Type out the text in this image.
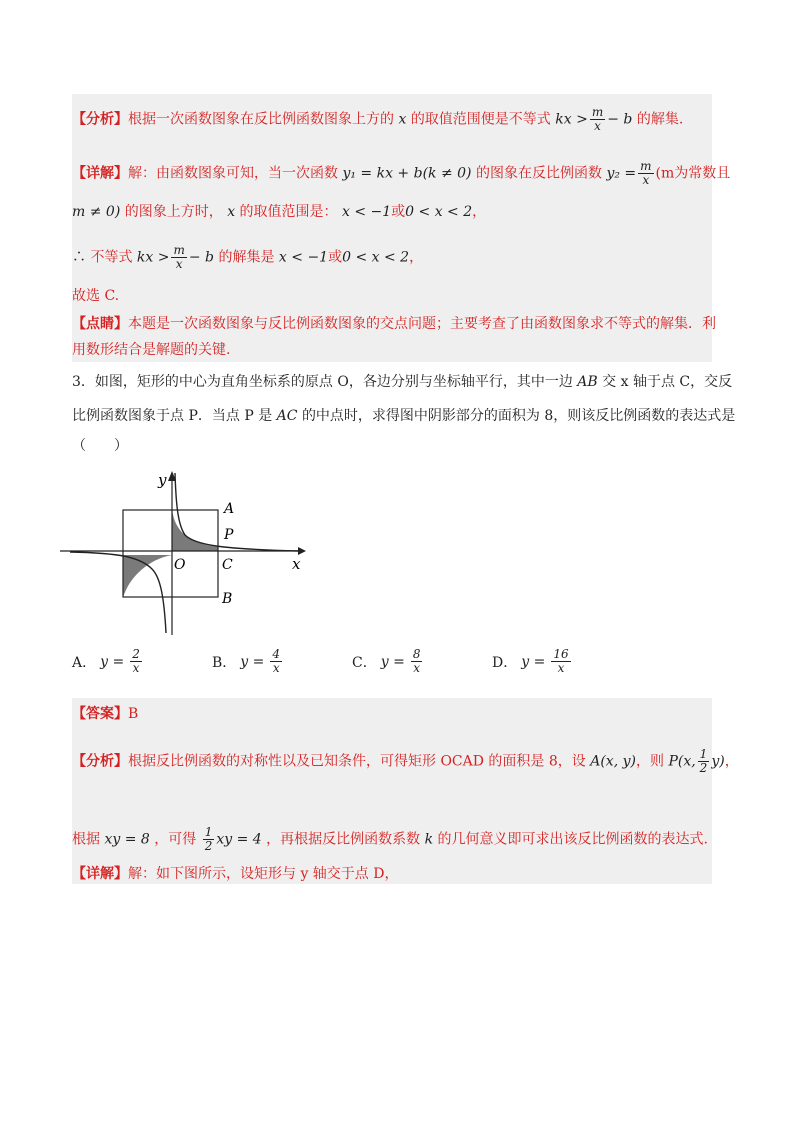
【分析】根据一次函数图象在反比例函数图象上方的 x 的取值范围便是不等式 kx > $\frac{m}{x} - b$ 的解集.
【详解】解：由函数图象可知，当一次函数 y₁ = kx + b(k ≠ 0) 的图象在反比例函数 $y_2 = \frac{m}{x} (m$为常数且
m ≠ 0) 的图象上方时， x 的取值范围是： x < −1或0 < x < 2，
∴ 不等式 kx > $\frac{m}{x} - b$ 的解集是 x < −1或0 < x < 2，
故选 C.
【点睛】本题是一次函数图象与反比例函数图象的交点问题；主要考查了由函数图象求不等式的解集．利
用数形结合是解题的关键.
3．如图，矩形的中心为直角坐标系的原点 O，各边分别与坐标轴平行，其中一边 AB 交 x 轴于点 C，交反
比例函数图象于点 P．当点 P 是 AC 的中点时，求得图中阴影部分的面积为 8，则该反比例函数的表达式是
（　　）
y
x
O
A
P
C
B
A． $y = \frac{2}{x}$	B． $y = \frac{4}{x}$	C． $y = \frac{8}{x}$	D． $y = \frac{16}{x}$
【答案】B
【分析】根据反比例函数的对称性以及已知条件，可得矩形 OCAD 的面积是 8，设 A(x, y)，则 P(x, $\frac{1}{2} y$)，
根据 xy = 8 ，可得 $\frac{1}{2}$ xy = 4 ，再根据反比例函数系数 k 的几何意义即可求出该反比例函数的表达式.
【详解】解：如下图所示，设矩形与 y 轴交于点 D，
